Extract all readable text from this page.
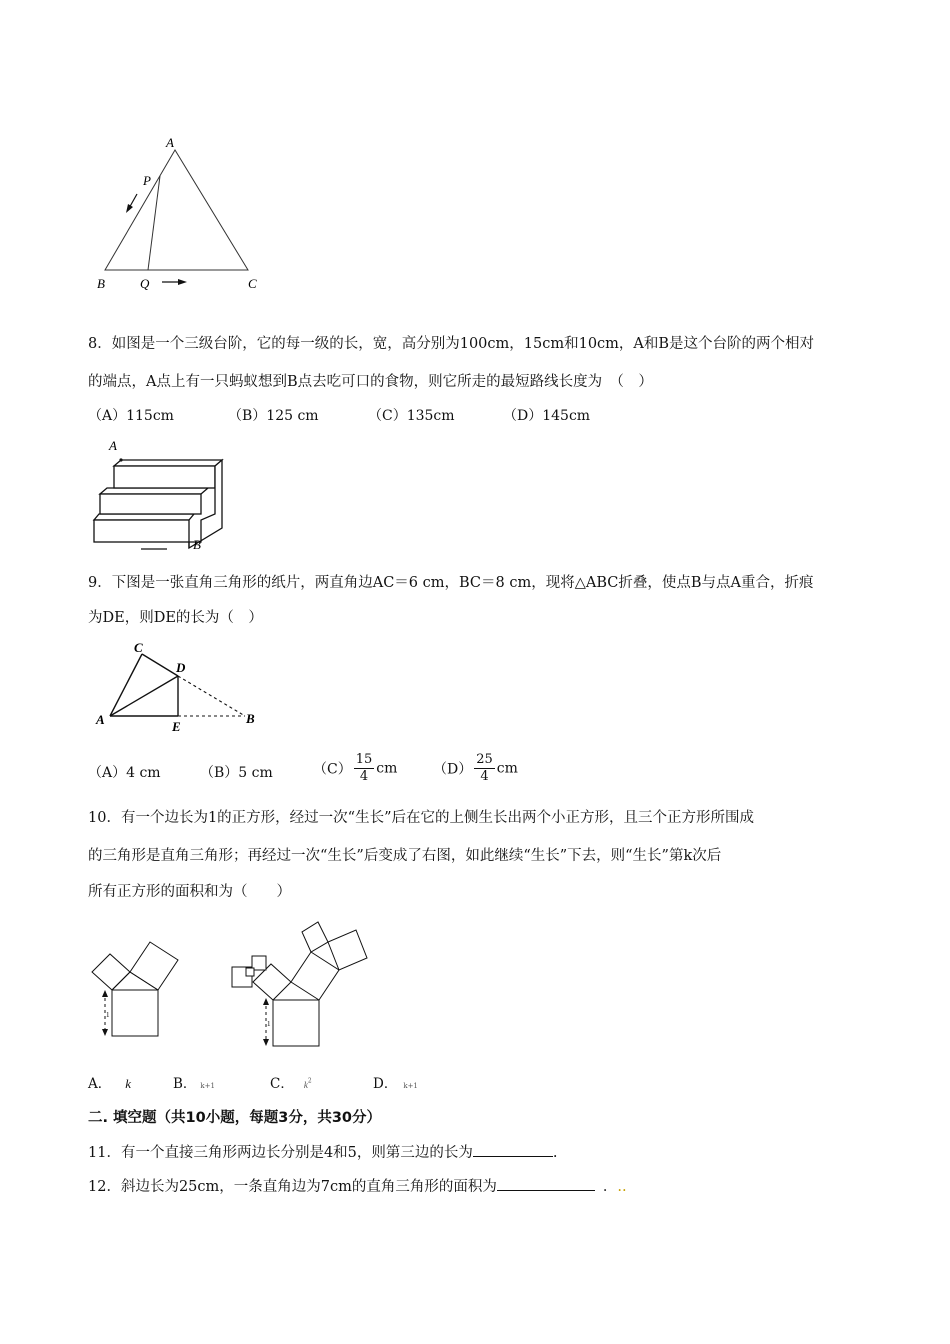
A
P
B	Q	C
8．如图是一个三级台阶，它的每一级的长，宽，高分别为100cm，15cm和10cm，A和B是这个台阶的两个相对
的端点，A点上有一只蚂蚁想到B点去吃可口的食物，则它所走的最短路线长度为　（　）
（A）115cm	（B）125 cm	（C）135cm	（D）145cm
A
B
9．下图是一张直角三角形的纸片，两直角边AC＝6 cm，BC＝8 cm，现将△ABC折叠，使点B与点A重合，折痕
为DE，则DE的长为（　）
C
D
A	E
B
（A）4 cm	（B）5 cm	$(C) \frac{15}{4}$ cm	$(D) \frac{25}{4}$ cm
10．有一个边长为1的正方形，经过一次“生长”后在它的上侧生长出两个小正方形，且三个正方形所围成
的三角形是直角三角形；再经过一次“生长”后变成了右图，如此继续“生长”下去，则“生长”第k次后
所有正方形的面积和为（　　）
1
1
A． k	B． k+1	C． $k^2$	D． k+1
二. 填空题（共10小题，每题3分，共30分）
11．有一个直接三角形两边长分别是4和5，则第三边的长为	.
12．斜边长为25cm，一条直角边为7cm的直角三角形的面积为	．..
